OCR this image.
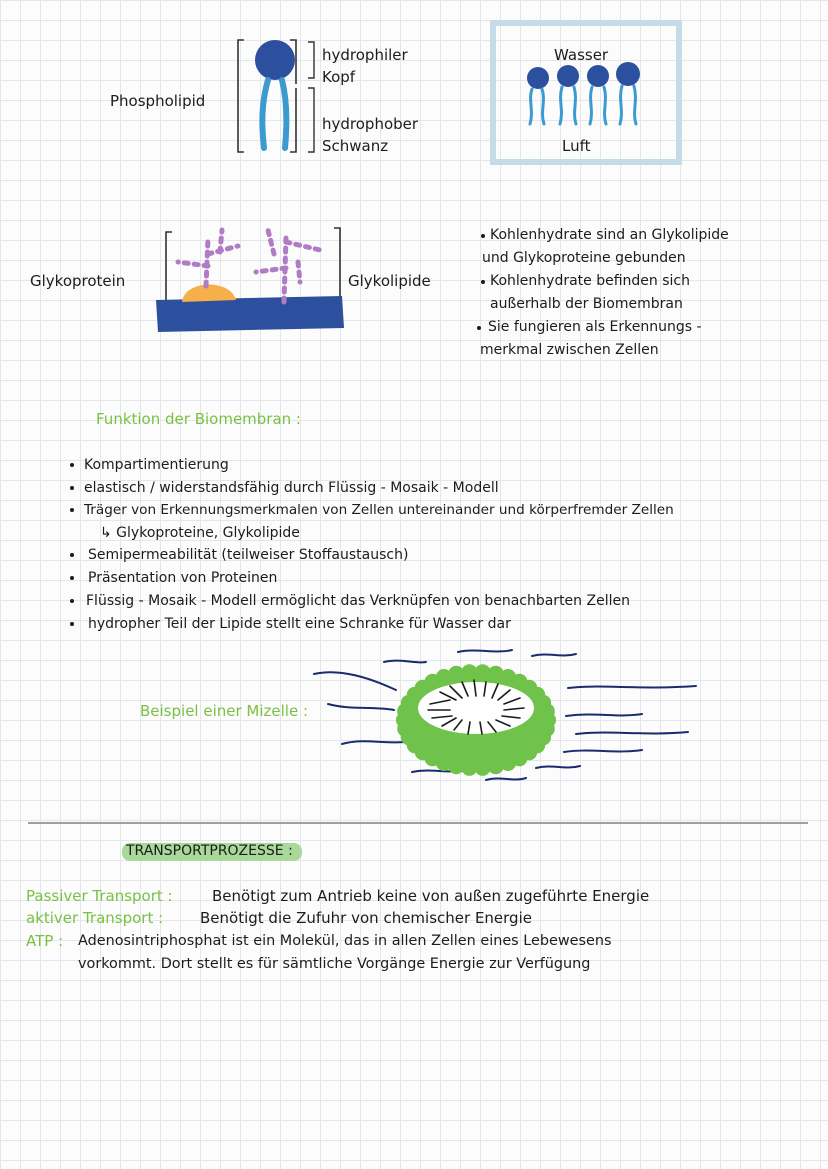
Phospholipid
hydrophiler
Kopf
hydrophober
Schwanz
Wasser
Luft
Glykoprotein	Glykolipide
Kohlenhydrate sind an Glykolipide
und Glykoproteine gebunden
Kohlenhydrate befinden sich
außerhalb der Biomembran
Sie fungieren als Erkennungs -
merkmal zwischen Zellen
Funktion der Biomembran :
Kompartimentierung
elastisch / widerstandsfähig durch Flüssig - Mosaik - Modell
Träger von Erkennungsmerkmalen von Zellen untereinander und körperfremder Zellen
↳ Glykoproteine, Glykolipide
Semipermeabilität (teilweiser Stoffaustausch)
Präsentation von Proteinen
Flüssig - Mosaik - Modell ermöglicht das Verknüpfen von benachbarten Zellen
hydropher Teil der Lipide stellt eine Schranke für Wasser dar
Beispiel einer Mizelle :
TRANSPORTPROZESSE :
Passiver Transport :	Benötigt zum Antrieb keine von außen zugeführte Energie
aktiver Transport : Benötigt die Zufuhr von chemischer Energie
ATP : Adenosintriphosphat ist ein Molekül, das in allen Zellen eines Lebewesens
vorkommt. Dort stellt es für sämtliche Vorgänge Energie zur Verfügung
